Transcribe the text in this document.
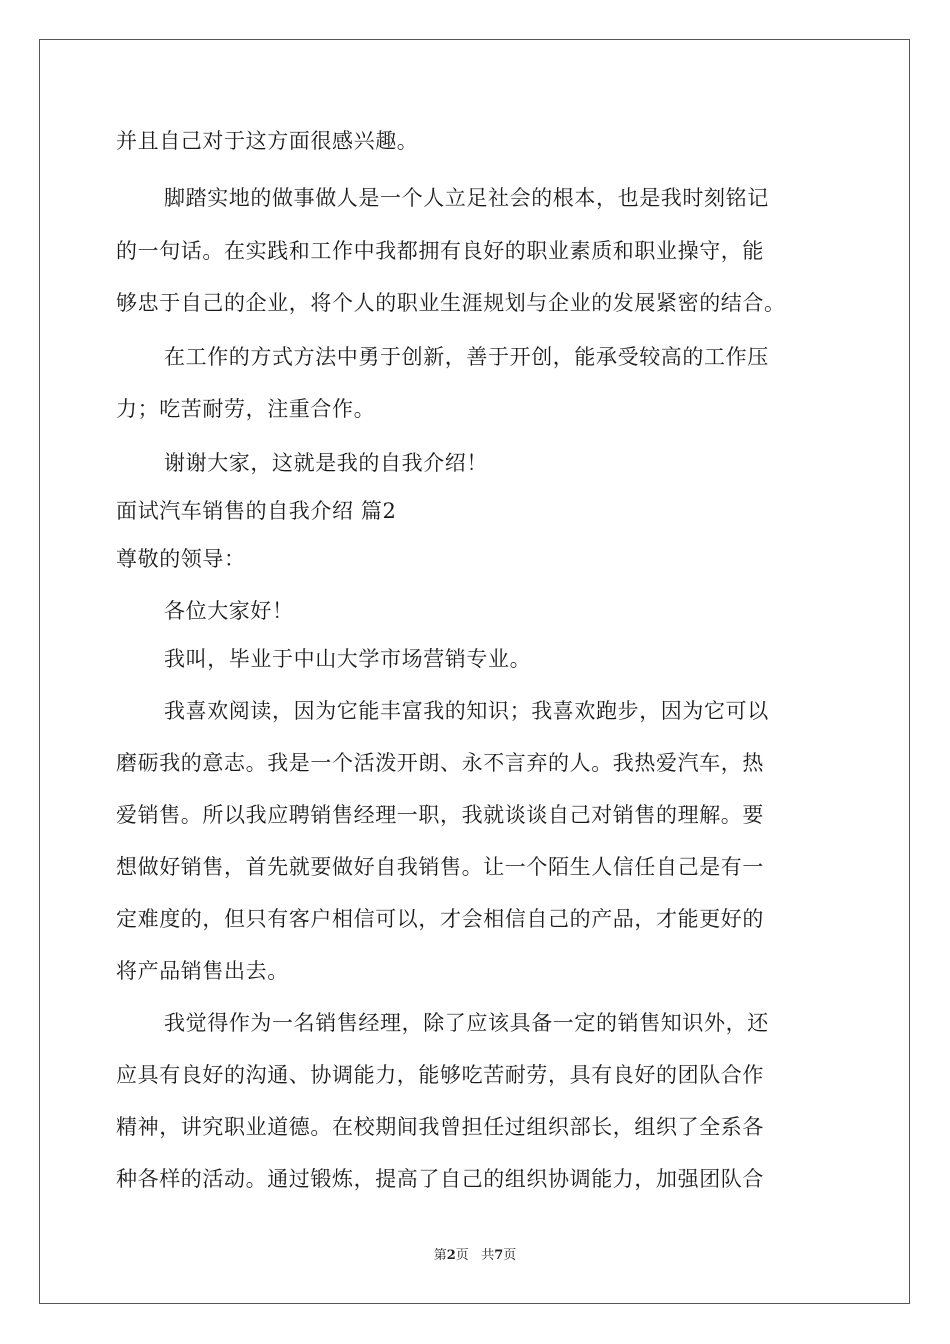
并且自己对于这方面很感兴趣。
脚踏实地的做事做人是一个人立足社会的根本，也是我时刻铭记
的一句话。在实践和工作中我都拥有良好的职业素质和职业操守，能
够忠于自己的企业，将个人的职业生涯规划与企业的发展紧密的结合。
在工作的方式方法中勇于创新，善于开创，能承受较高的工作压
力；吃苦耐劳，注重合作。
谢谢大家，这就是我的自我介绍！
面试汽车销售的自我介绍 篇2
尊敬的领导：
各位大家好！
我叫，毕业于中山大学市场营销专业。
我喜欢阅读，因为它能丰富我的知识；我喜欢跑步，因为它可以
磨砺我的意志。我是一个活泼开朗、永不言弃的人。我热爱汽车，热
爱销售。所以我应聘销售经理一职，我就谈谈自己对销售的理解。要
想做好销售，首先就要做好自我销售。让一个陌生人信任自己是有一
定难度的，但只有客户相信可以，才会相信自己的产品，才能更好的
将产品销售出去。
我觉得作为一名销售经理，除了应该具备一定的销售知识外，还
应具有良好的沟通、协调能力，能够吃苦耐劳，具有良好的团队合作
精神，讲究职业道德。在校期间我曾担任过组织部长，组织了全系各
种各样的活动。通过锻炼，提高了自己的组织协调能力，加强团队合
第2页 共7页
